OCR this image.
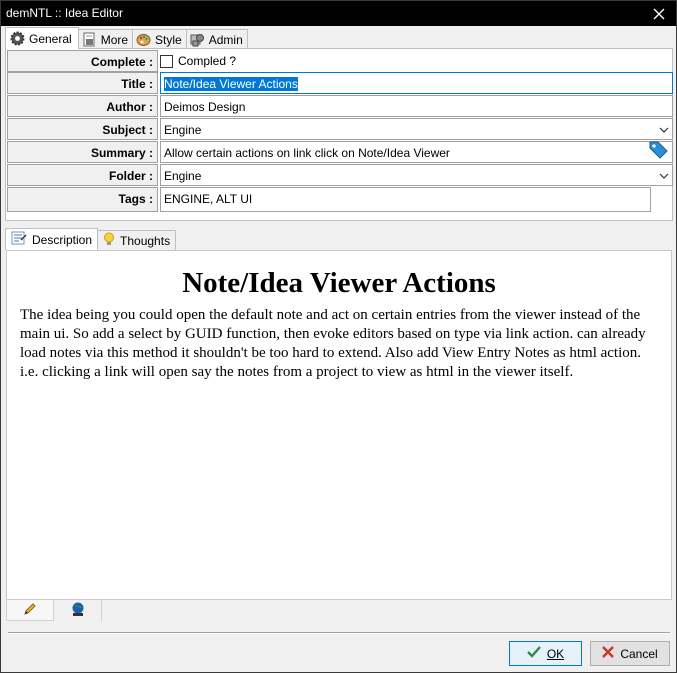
demNTL :: Idea Editor
General More Style Admin
Complete :	Compled ?
Title : Note/Idea Viewer Actions
Author : Deimos Design
Subject : Engine
Summary : Allow certain actions on link click on Note/Idea Viewer
Folder : Engine
Tags : ENGINE, ALT UI
Description Thoughts
Note/Idea Viewer Actions

The idea being you could open the default note and act on certain entries from the viewer instead of the main ui. So add a select by GUID function, then evoke editors based on type via link action. can already load notes via this method it shouldn't be too hard to extend. Also add View Entry Notes as html action. i.e. clicking a link will open say the notes from a project to view as html in the viewer itself.

OK	Cancel
